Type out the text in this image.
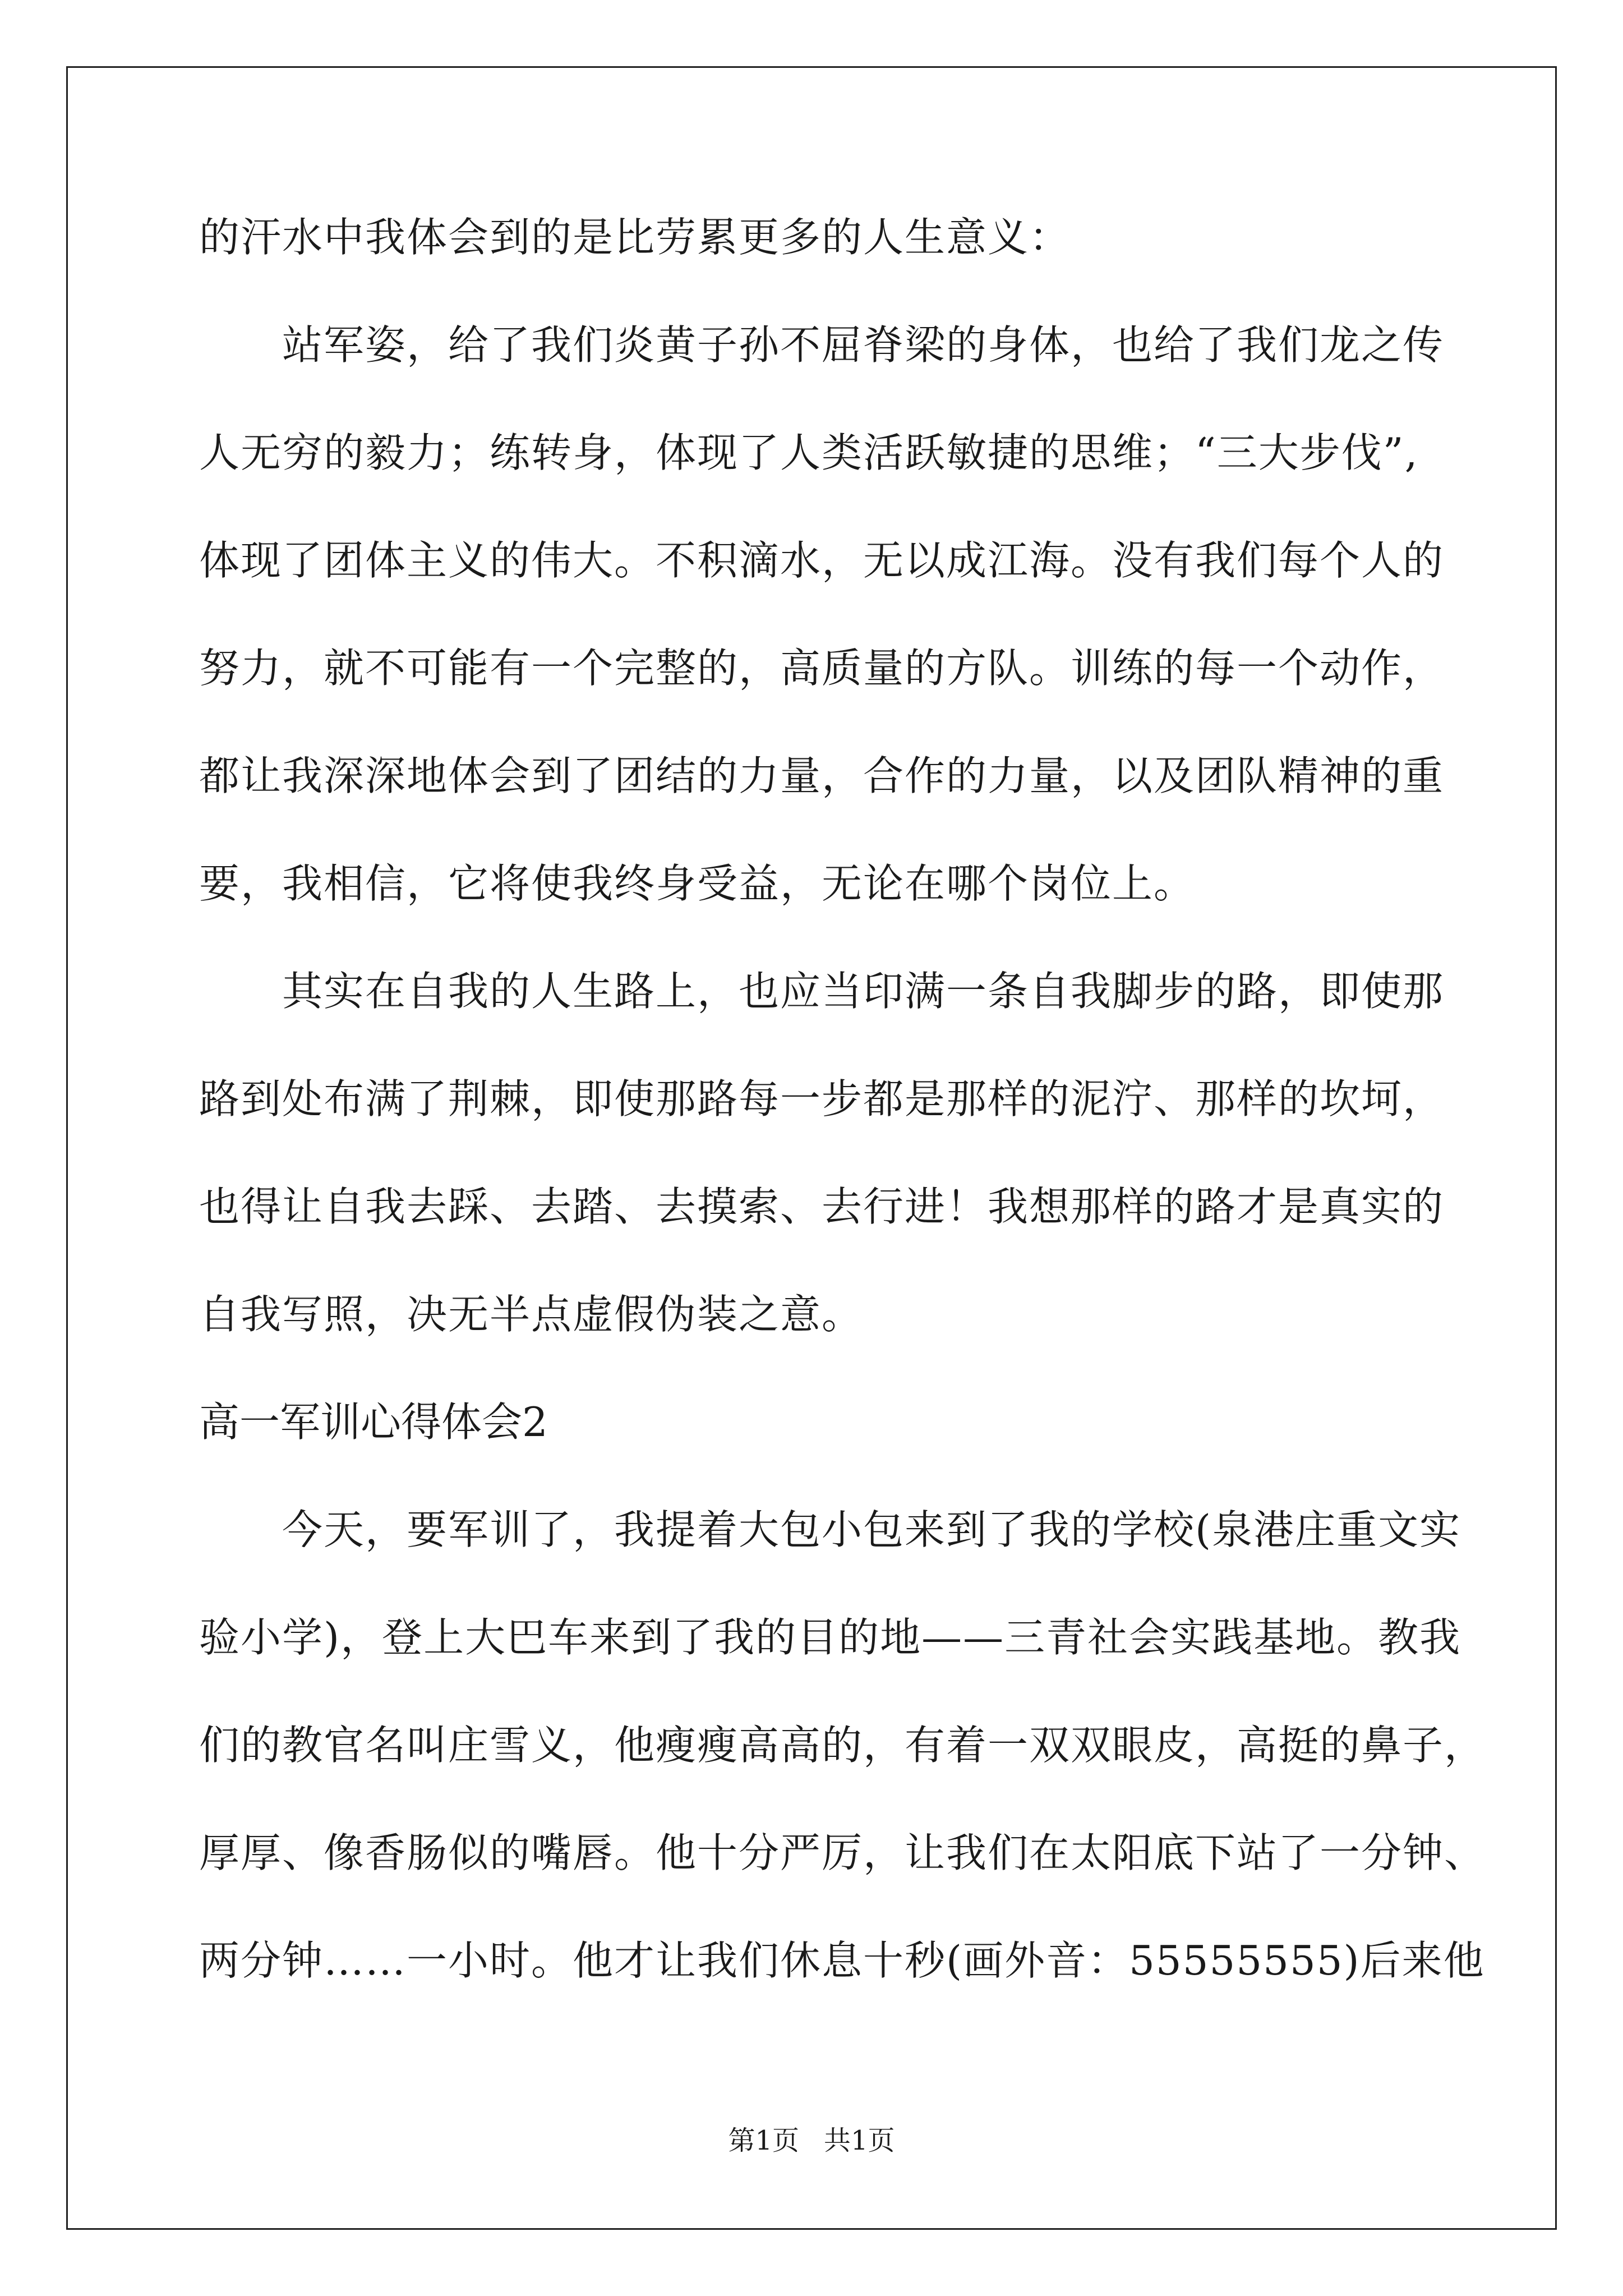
的汗水中我体会到的是比劳累更多的人生意义：
站军姿，给了我们炎黄子孙不屈脊梁的身体，也给了我们龙之传
人无穷的毅力；练转身，体现了人类活跃敏捷的思维；“三大步伐”,
体现了团体主义的伟大。不积滴水，无以成江海。没有我们每个人的
努力，就不可能有一个完整的，高质量的方队。训练的每一个动作，
都让我深深地体会到了团结的力量，合作的力量，以及团队精神的重
要，我相信，它将使我终身受益，无论在哪个岗位上。
其实在自我的人生路上，也应当印满一条自我脚步的路，即使那
路到处布满了荆棘，即使那路每一步都是那样的泥泞、那样的坎坷，
也得让自我去踩、去踏、去摸索、去行进！我想那样的路才是真实的
自我写照，决无半点虚假伪装之意。
高一军训心得体会2
今天，要军训了，我提着大包小包来到了我的学校(泉港庄重文实
验小学)，登上大巴车来到了我的目的地——三青社会实践基地。教我
们的教官名叫庄雪义，他瘦瘦高高的，有着一双双眼皮，高挺的鼻子，
厚厚、像香肠似的嘴唇。他十分严厉，让我们在太阳底下站了一分钟、
两分钟……一小时。他才让我们休息十秒(画外音：55555555)后来他
第1页 共1页
